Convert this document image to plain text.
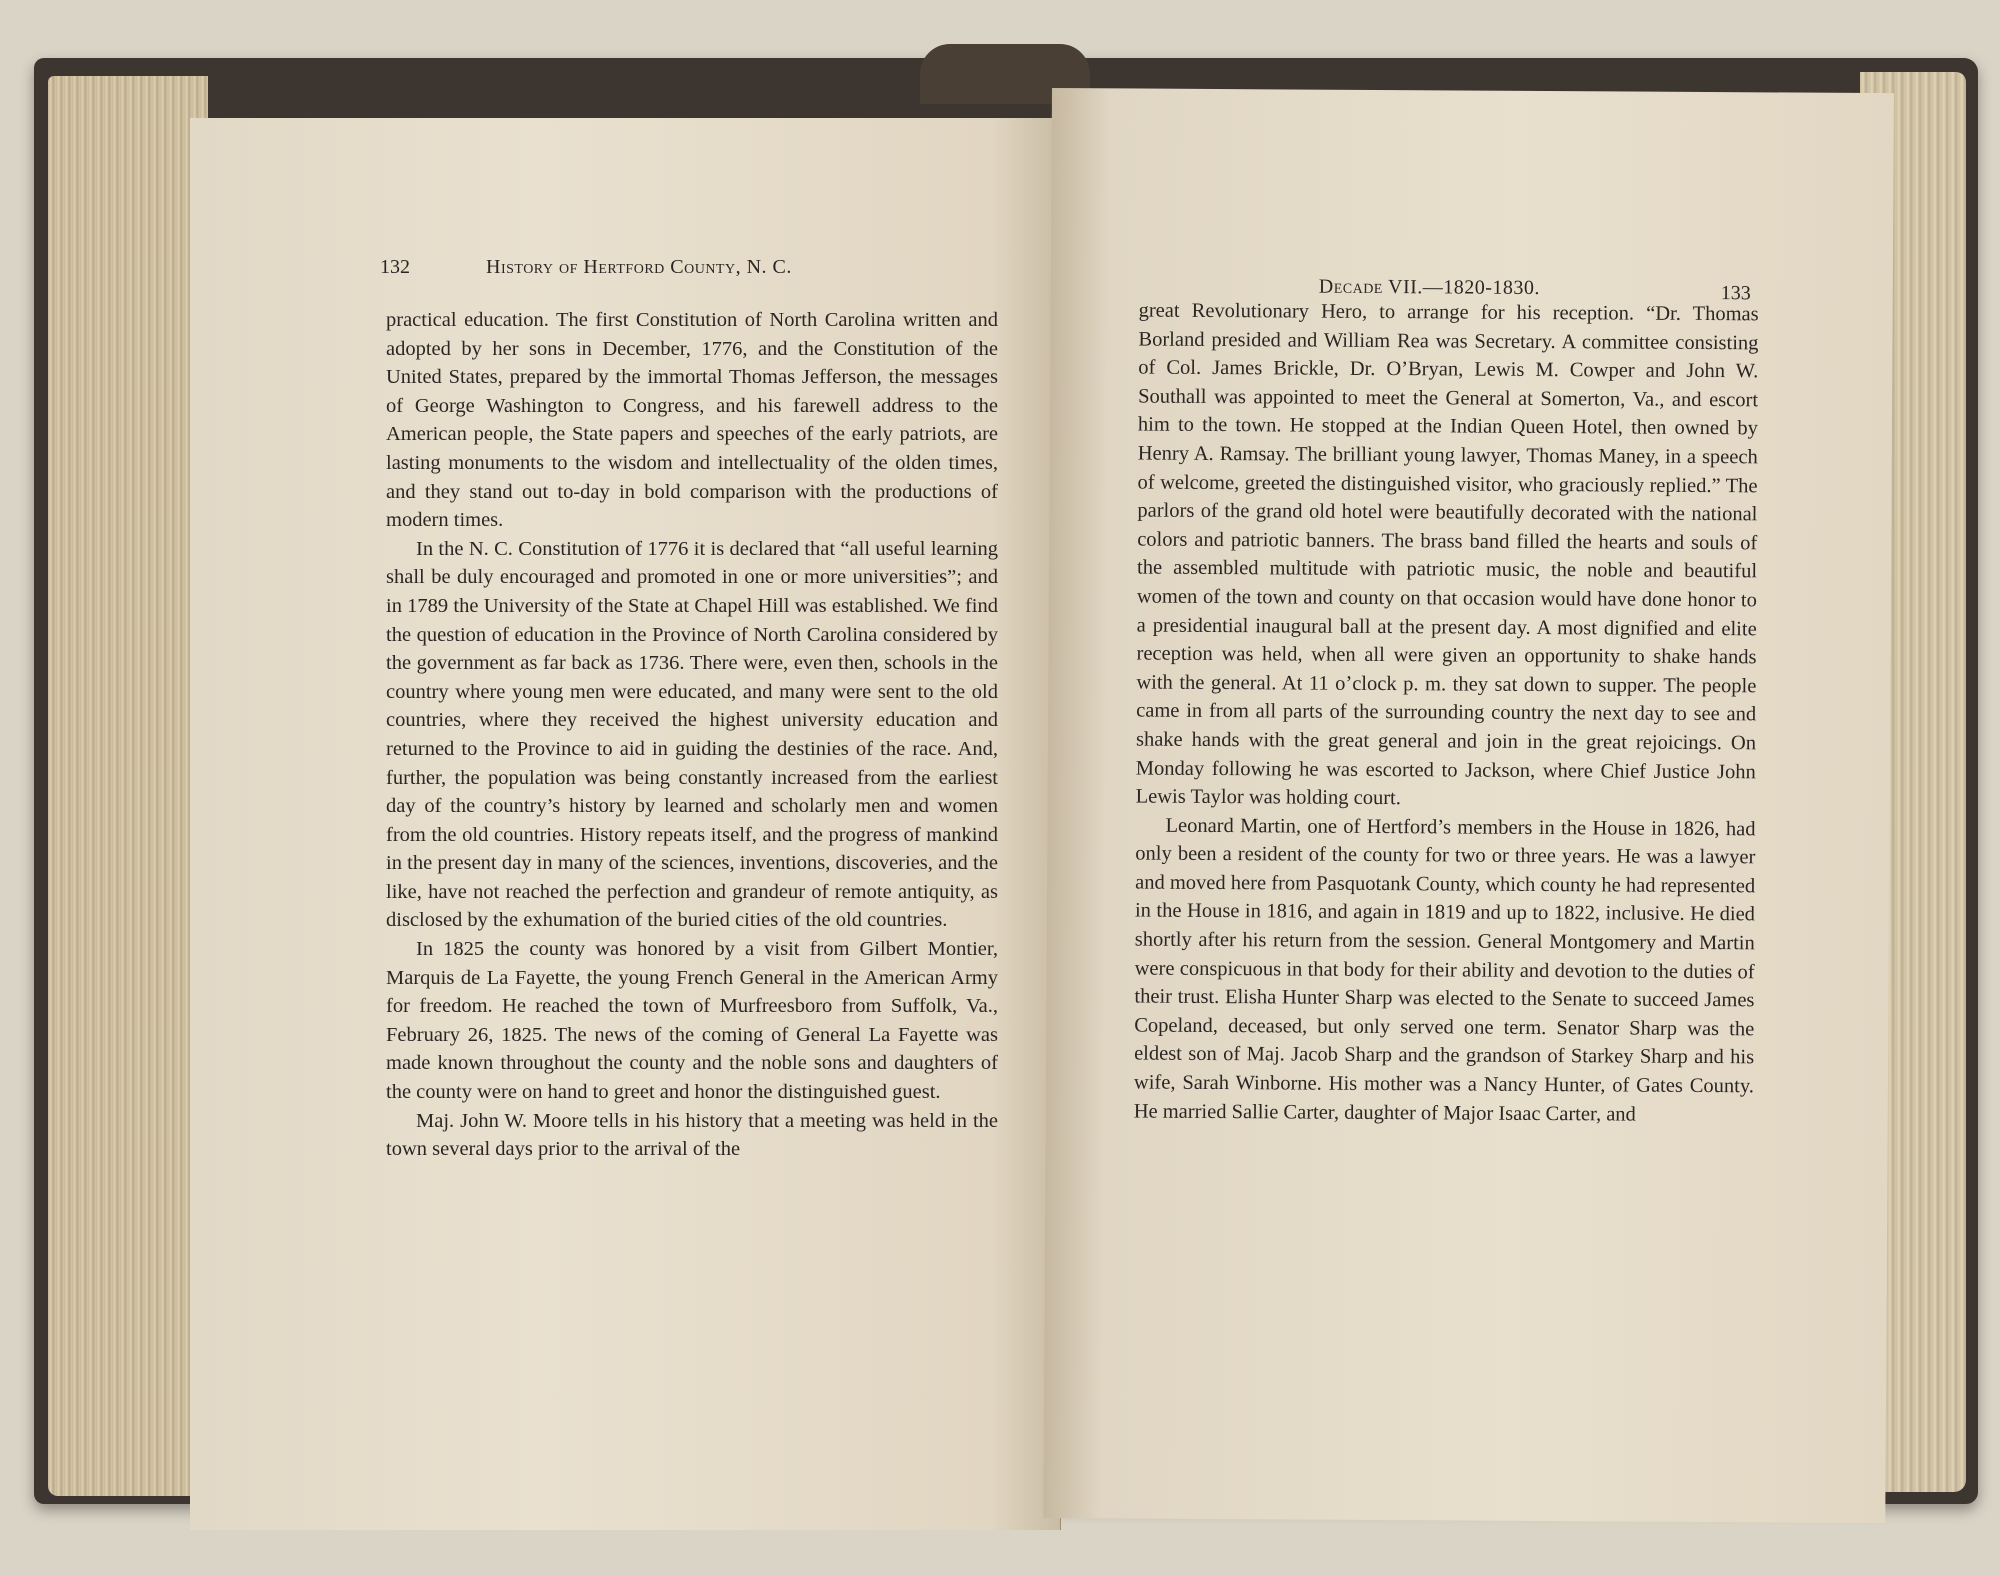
132	History of Hertford County, N. C.

practical education. The first Constitution of North Carolina written and adopted by her sons in December, 1776, and the Constitution of the United States, prepared by the immortal Thomas Jefferson, the messages of George Washington to Congress, and his farewell address to the American people, the State papers and speeches of the early patriots, are lasting monuments to the wisdom and intellectuality of the olden times, and they stand out to-day in bold comparison with the productions of modern times.

In the N. C. Constitution of 1776 it is declared that “all useful learning shall be duly encouraged and promoted in one or more universities”; and in 1789 the University of the State at Chapel Hill was established. We find the question of education in the Province of North Carolina considered by the government as far back as 1736. There were, even then, schools in the country where young men were educated, and many were sent to the old countries, where they received the highest university education and returned to the Province to aid in guiding the destinies of the race. And, further, the population was being constantly increased from the earliest day of the country’s history by learned and scholarly men and women from the old countries. History repeats itself, and the progress of mankind in the present day in many of the sciences, inventions, discoveries, and the like, have not reached the perfection and grandeur of remote antiquity, as disclosed by the exhumation of the buried cities of the old countries.

In 1825 the county was honored by a visit from Gilbert Montier, Marquis de La Fayette, the young French General in the American Army for freedom. He reached the town of Murfreesboro from Suffolk, Va., February 26, 1825. The news of the coming of General La Fayette was made known throughout the county and the noble sons and daughters of the county were on hand to greet and honor the distinguished guest.

Maj. John W. Moore tells in his history that a meeting was held in the town several days prior to the arrival of the

Decade VII.—1820-1830.	133

great Revolutionary Hero, to arrange for his reception. “Dr. Thomas Borland presided and William Rea was Secretary. A committee consisting of Col. James Brickle, Dr. O’Bryan, Lewis M. Cowper and John W. Southall was appointed to meet the General at Somerton, Va., and escort him to the town. He stopped at the Indian Queen Hotel, then owned by Henry A. Ramsay. The brilliant young lawyer, Thomas Maney, in a speech of welcome, greeted the distinguished visitor, who graciously replied.” The parlors of the grand old hotel were beautifully decorated with the national colors and patriotic banners. The brass band filled the hearts and souls of the assembled multitude with patriotic music, the noble and beautiful women of the town and county on that occasion would have done honor to a presidential inaugural ball at the present day. A most dignified and elite reception was held, when all were given an opportunity to shake hands with the general. At 11 o’clock p. m. they sat down to supper. The people came in from all parts of the surrounding country the next day to see and shake hands with the great general and join in the great rejoicings. On Monday following he was escorted to Jackson, where Chief Justice John Lewis Taylor was holding court.

Leonard Martin, one of Hertford’s members in the House in 1826, had only been a resident of the county for two or three years. He was a lawyer and moved here from Pasquotank County, which county he had represented in the House in 1816, and again in 1819 and up to 1822, inclusive. He died shortly after his return from the session. General Montgomery and Martin were conspicuous in that body for their ability and devotion to the duties of their trust. Elisha Hunter Sharp was elected to the Senate to succeed James Copeland, deceased, but only served one term. Senator Sharp was the eldest son of Maj. Jacob Sharp and the grandson of Starkey Sharp and his wife, Sarah Winborne. His mother was a Nancy Hunter, of Gates County. He married Sallie Carter, daughter of Major Isaac Carter, and
